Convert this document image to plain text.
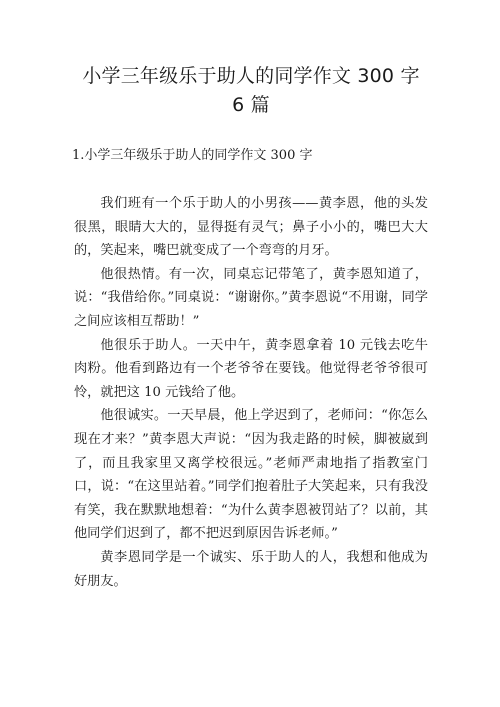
小学三年级乐于助人的同学作文 300 字 6 篇
1.小学三年级乐于助人的同学作文 300 字

我们班有一个乐于助人的小男孩——黄李恩，他的头发很黑，眼睛大大的，显得挺有灵气；鼻子小小的，嘴巴大大的，笑起来，嘴巴就变成了一个弯弯的月牙。

他很热情。有一次，同桌忘记带笔了，黄李恩知道了，说：“我借给你。”同桌说：“谢谢你。”黄李恩说“不用谢，同学之间应该相互帮助！”

他很乐于助人。一天中午，黄李恩拿着 10 元钱去吃牛肉粉。他看到路边有一个老爷爷在要钱。他觉得老爷爷很可怜，就把这 10 元钱给了他。

他很诚实。一天早晨，他上学迟到了，老师问：“你怎么现在才来？”黄李恩大声说：“因为我走路的时候，脚被崴到了，而且我家里又离学校很远。”老师严肃地指了指教室门口，说：“在这里站着。”同学们抱着肚子大笑起来，只有我没有笑，我在默默地想着：“为什么黄李恩被罚站了？以前，其他同学们迟到了，都不把迟到原因告诉老师。”

黄李恩同学是一个诚实、乐于助人的人，我想和他成为好朋友。
